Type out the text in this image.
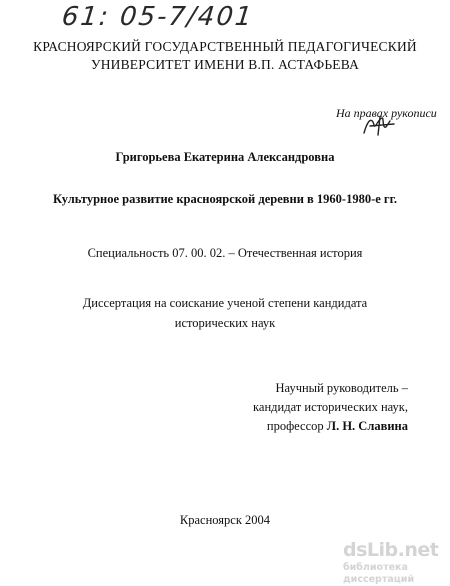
61: 05-7/401
КРАСНОЯРСКИЙ ГОСУДАРСТВЕННЫЙ ПЕДАГОГИЧЕСКИЙ
УНИВЕРСИТЕТ ИМЕНИ В.П. АСТАФЬЕВА
На правах рукописи
Григорьева Екатерина Александровна
Культурное развитие красноярской деревни в 1960-1980-е гг.
Специальность 07. 00. 02. – Отечественная история
Диссертация на соискание ученой степени кандидата
исторических наук
Научный руководитель –
кандидат исторических наук,
профессор Л. Н. Славина
Красноярск 2004
dsLib.net
библиотека диссертаций
